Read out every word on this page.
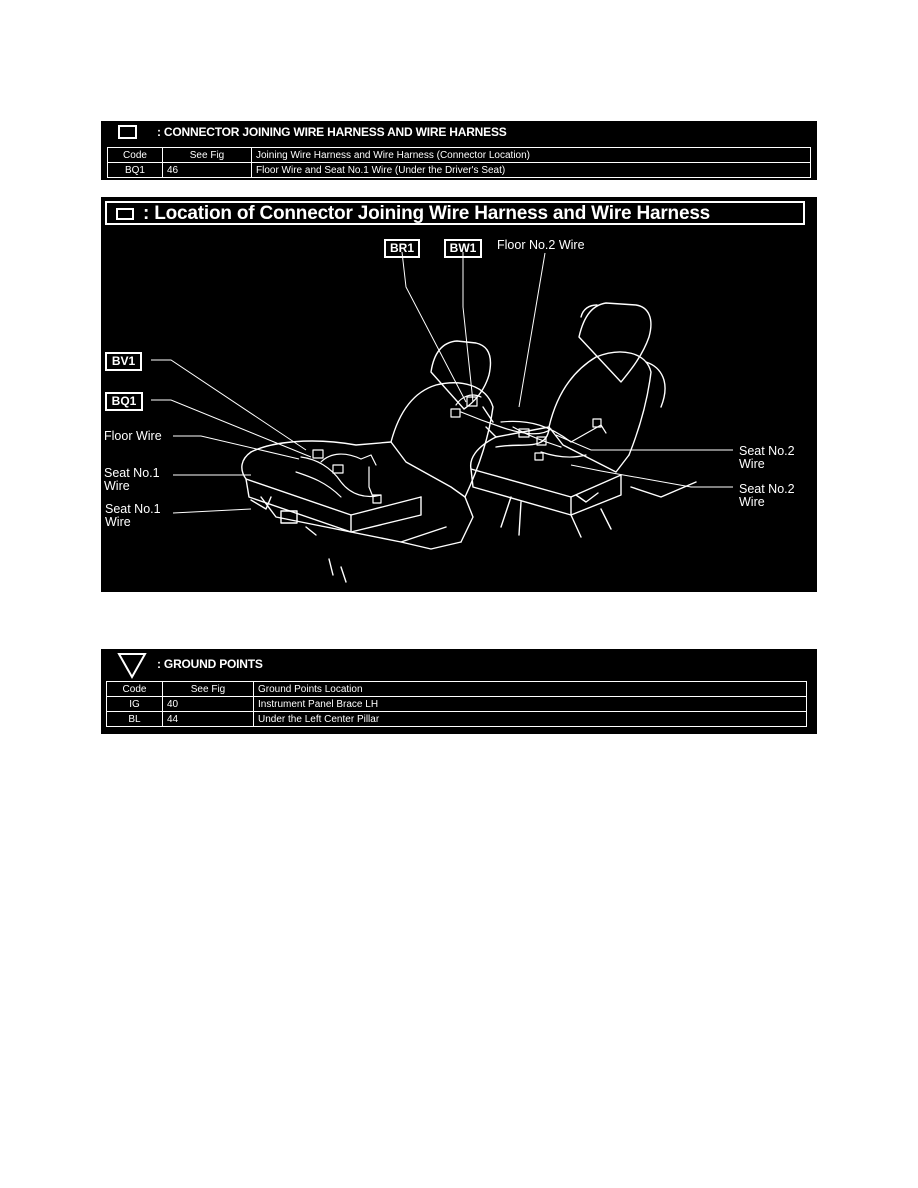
: CONNECTOR JOINING WIRE HARNESS AND WIRE HARNESS
Code	See Fig	Joining Wire Harness and Wire Harness (Connector Location)
BQ1	46	Floor Wire and Seat No.1 Wire (Under the Driver's Seat)
: Location of Connector Joining Wire Harness and Wire Harness
BR1	BW1	Floor No.2 Wire
BV1
BQ1
Floor Wire
Seat No.1
Wire
Seat No.1
Wire
Seat No.2
Wire
Seat No.2
Wire
: GROUND POINTS
Code	See Fig	Ground Points Location
IG	40	Instrument Panel Brace LH
BL	44	Under the Left Center Pillar
